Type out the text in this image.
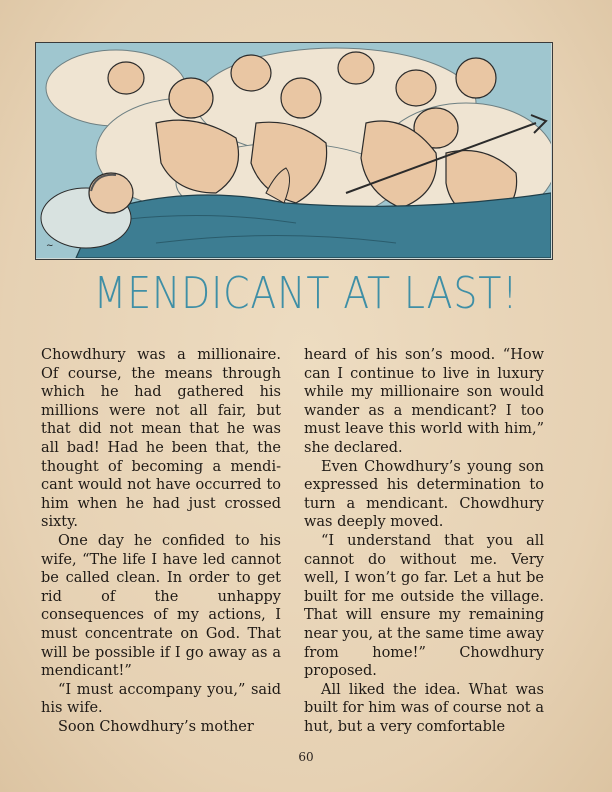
~
MENDICANT AT LAST!

Chowdhury was a millionaire. Of course, the means through which he had gathered his millions were not all fair, but that did not mean that he was all bad! Had he been that, the thought of becoming a mendicant would not have occurred to him when he had just crossed sixty.

One day he confided to his wife, “The life I have led cannot be called clean. In order to get rid of the unhappy consequences of my actions, I must concentrate on God. That will be possible if I go away as a mendicant!”

“I must accompany you,” said his wife.

Soon Chowdhury’s mother

heard of his son’s mood. “How can I continue to live in luxury while my millionaire son would wander as a mendicant? I too must leave this world with him,” she declared.

Even Chowdhury’s young son expressed his determination to turn a mendicant. Chowdhury was deeply moved.

“I understand that you all cannot do without me. Very well, I won’t go far. Let a hut be built for me outside the village. That will ensure my remaining near you, at the same time away from home!” Chowdhury proposed.

All liked the idea. What was built for him was of course not a hut, but a very comfortable

60
